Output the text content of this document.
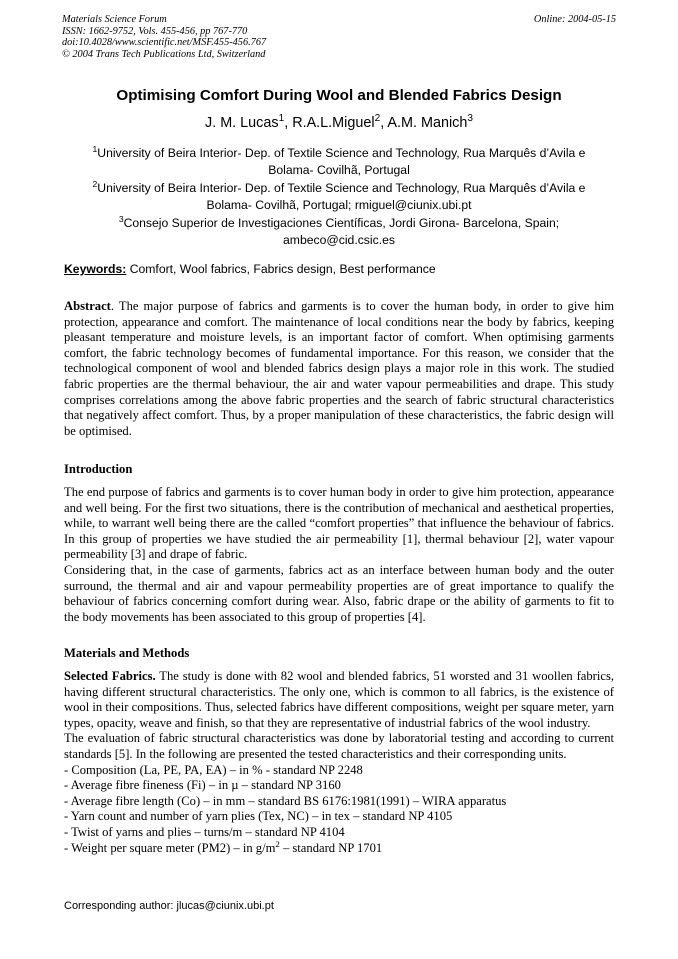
Materials Science Forum
ISSN: 1662-9752, Vols. 455-456, pp 767-770
doi:10.4028/www.scientific.net/MSF.455-456.767
© 2004 Trans Tech Publications Ltd, Switzerland
Online: 2004-05-15
Optimising Comfort During Wool and Blended Fabrics Design
J. M. Lucas$^1$, R.A.L.Miguel$^2$, A.M. Manich$^3$
$^1$University of Beira Interior- Dep. of Textile Science and Technology, Rua Marquês d’Avila e
Bolama- Covilhã, Portugal
$^2$University of Beira Interior- Dep. of Textile Science and Technology, Rua Marquês d’Avila e
Bolama- Covilhã, Portugal; rmiguel@ciunix.ubi.pt
$^3$Consejo Superior de Investigaciones Científicas, Jordi Girona- Barcelona, Spain;
ambeco@cid.csic.es
Keywords: Comfort, Wool fabrics, Fabrics design, Best performance

Abstract. The major purpose of fabrics and garments is to cover the human body, in order to give him protection, appearance and comfort. The maintenance of local conditions near the body by fabrics, keeping pleasant temperature and moisture levels, is an important factor of comfort. When optimising garments comfort, the fabric technology becomes of fundamental importance. For this reason, we consider that the technological component of wool and blended fabrics design plays a major role in this work. The studied fabric properties are the thermal behaviour, the air and water vapour permeabilities and drape. This study comprises correlations among the above fabric properties and the search of fabric structural characteristics that negatively affect comfort. Thus, by a proper manipulation of these characteristics, the fabric design will be optimised.

Introduction

The end purpose of fabrics and garments is to cover human body in order to give him protection, appearance and well being. For the first two situations, there is the contribution of mechanical and aesthetical properties, while, to warrant well being there are the called “comfort properties” that influence the behaviour of fabrics. In this group of properties we have studied the air permeability [1], thermal behaviour [2], water vapour permeability [3] and drape of fabric.

Considering that, in the case of garments, fabrics act as an interface between human body and the outer surround, the thermal and air and vapour permeability properties are of great importance to qualify the behaviour of fabrics concerning comfort during wear. Also, fabric drape or the ability of garments to fit to the body movements has been associated to this group of properties [4].

Materials and Methods

Selected Fabrics. The study is done with 82 wool and blended fabrics, 51 worsted and 31 woollen fabrics, having different structural characteristics. The only one, which is common to all fabrics, is the existence of wool in their compositions. Thus, selected fabrics have different compositions, weight per square meter, yarn types, opacity, weave and finish, so that they are representative of industrial fabrics of the wool industry.

The evaluation of fabric structural characteristics was done by laboratorial testing and according to current standards [5]. In the following are presented the tested characteristics and their corresponding units.

- Composition (La, PE, PA, EA) – in % - standard NP 2248
- Average fibre fineness (Fi) – in µ – standard NP 3160
- Average fibre length (Co) – in mm – standard BS 6176:1981(1991) – WIRA apparatus
- Yarn count and number of yarn plies (Tex, NC) – in tex – standard NP 4105
- Twist of yarns and plies – turns/m – standard NP 4104
- Weight per square meter (PM2) – in $g/m^2$ – standard NP 1701
Corresponding author: jlucas@ciunix.ubi.pt
